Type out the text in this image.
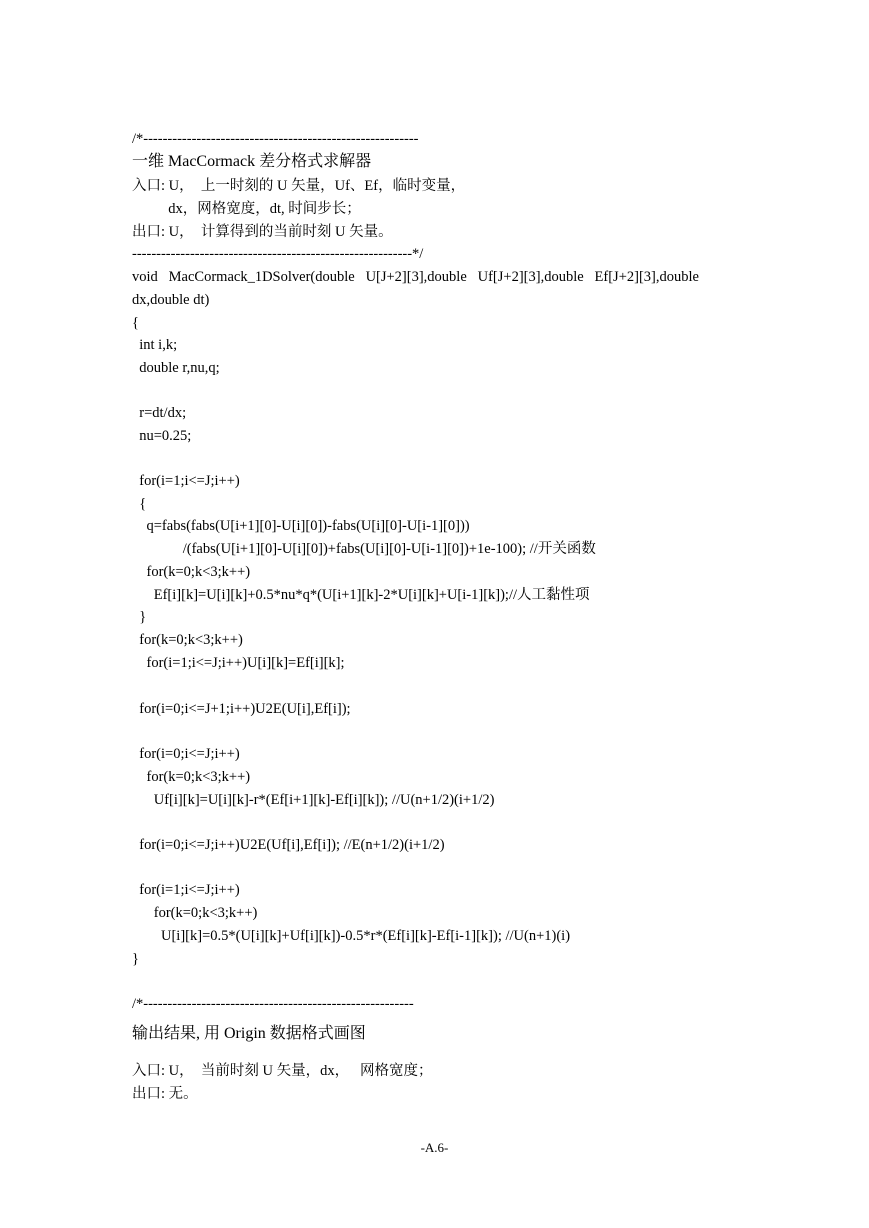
/*---------------------------------------------------------
一维 MacCormack 差分格式求解器
入口: U，  上一时刻的 U 矢量，Uf、Ef，临时变量，
dx，网格宽度，dt, 时间步长；
出口: U，  计算得到的当前时刻 U 矢量。
----------------------------------------------------------*/
void   MacCormack_1DSolver(double   U[J+2][3],double   Uf[J+2][3],double   Ef[J+2][3],double
dx,double dt)
{
int i,k;
double r,nu,q;
r=dt/dx;
nu=0.25;
for(i=1;i<=J;i++)
{
q=fabs(fabs(U[i+1][0]-U[i][0])-fabs(U[i][0]-U[i-1][0]))
/(fabs(U[i+1][0]-U[i][0])+fabs(U[i][0]-U[i-1][0])+1e-100); //开关函数
for(k=0;k<3;k++)
Ef[i][k]=U[i][k]+0.5*nu*q*(U[i+1][k]-2*U[i][k]+U[i-1][k]);//人工黏性项
}
for(k=0;k<3;k++)
for(i=1;i<=J;i++)U[i][k]=Ef[i][k];
for(i=0;i<=J+1;i++)U2E(U[i],Ef[i]);
for(i=0;i<=J;i++)
for(k=0;k<3;k++)
Uf[i][k]=U[i][k]-r*(Ef[i+1][k]-Ef[i][k]); //U(n+1/2)(i+1/2)
for(i=0;i<=J;i++)U2E(Uf[i],Ef[i]); //E(n+1/2)(i+1/2)
for(i=1;i<=J;i++)
for(k=0;k<3;k++)
U[i][k]=0.5*(U[i][k]+Uf[i][k])-0.5*r*(Ef[i][k]-Ef[i-1][k]); //U(n+1)(i)
}
/*--------------------------------------------------------
输出结果, 用 Origin 数据格式画图
入口: U，  当前时刻 U 矢量，dx，   网格宽度；
出口: 无。
-A.6-
